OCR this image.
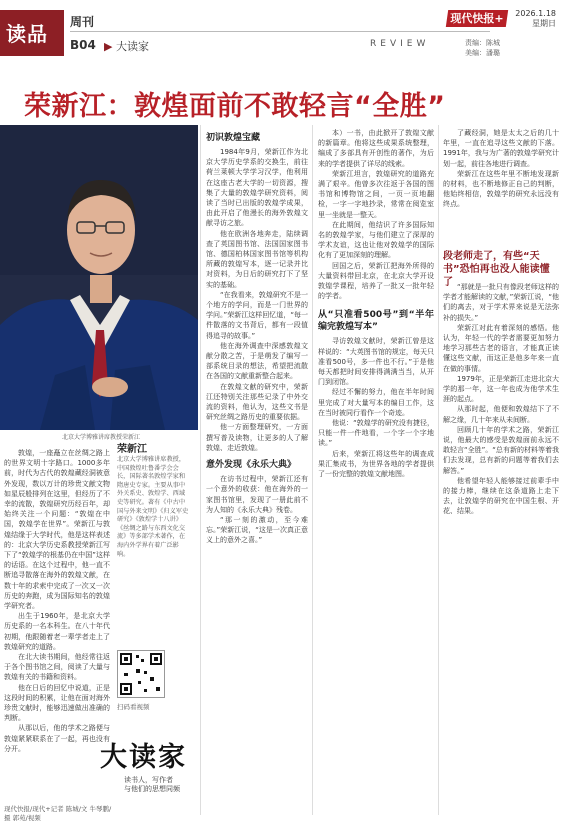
读品 周刊
B04 ▶ 大读家	REVIEW
现代快报+	2026.1.18
星期日
责编：陈城
美编：潘璐
荣新江：敦煌面前不敢轻言“全胜”
北京大学博雅讲席教授荣新江

敦煌，一座矗立在丝绸之路上的世界文明十字路口。1000多年前，时代为古代的敦煌藏经洞被意外发现，数以万计的珍贵文献文物如星辰般排列在这里，但经历了不幸的流散，敦煌研究历经百年，却始终关注一个问题：“敦煌在中国，敦煌学在世界”。荣新江与敦煌结缘于大学时代，他是这样表述的：北京大学历史系教授荣新江写下了“敦煌学的根基仍在中国”这样的话语。在这个过程中，他一直不断追寻散落在海外的敦煌文献，在数十年的求索中完成了一次又一次历史的奔跑，成为国际知名的敦煌学研究者。

出生于1960年，是北京大学历史系的一名本科生。在八十年代初期，他跟随着老一辈学者走上了敦煌研究的道路。

在北大读书期间，他经常往返于各个图书馆之间，阅读了大量与敦煌有关的书籍和资料。

他在日后的回忆中说道，正是这段时间的积累，让他在面对海外珍贵文献时，能够迅速做出准确的判断。

从那以后，他的学术之路便与敦煌紧紧联系在了一起，再也没有分开。

荣新江
北京大学博雅讲席教授，中国敦煌吐鲁番学会会长，国际著名敦煌学家和隋唐史专家。主要从事中外关系史、敦煌学、西域史等研究。著有《中古中国与外来文明》《归义军史研究》《敦煌学十八讲》《丝绸之路与东西文化交流》等多部学术著作，在海内外学界有着广泛影响。
扫码看视频
大读家
读书人，写作者
与他们的思想同频
现代快报/现代+记者 陈城/文 牛琴鹏/摄 郭苑/视频
初识敦煌宝藏

1984年9月，荣新江作为北京大学历史学系的交换生，前往荷兰莱顿大学学习汉学，他利用在这座古老大学的一切资源，搜集了大量的敦煌学研究资料，阅读了当时已出版的敦煌学成果，由此开启了他漫长的海外敦煌文献寻访之旅。

他在欧洲各地奔走，陆续调查了英国图书馆、法国国家图书馆、德国柏林国家图书馆等机构所藏的敦煌写本，逐一记录并比对资料，为日后的研究打下了坚实的基础。

“在我看来，敦煌研究不是一个地方的学问，而是一门世界的学问。”荣新江这样回忆道，“每一件散落的文书背后，都有一段值得追寻的故事。”

他在海外调查中深感敦煌文献分散之苦，于是萌发了编写一部系统目录的想法，希望把流散在各国的文献重新整合起来。

在敦煌文献的研究中，荣新江还特别关注那些记录了中外交流的资料，他认为，这些文书是研究丝绸之路历史的重要依据。

他一方面整理研究，一方面撰写普及读物，让更多的人了解敦煌、走近敦煌。

意外发现《永乐大典》

在访书过程中，荣新江还有一个意外的收获：他在海外的一家图书馆里，发现了一册此前不为人知的《永乐大典》残卷。

“那一刻的激动，至今难忘。”荣新江说，“这是一次真正意义上的意外之喜。”

本）一书，由此掀开了敦煌文献的新篇章。他将这些成果系统整理，编成了多部具有开创性的著作，为后来的学者提供了详尽的线索。

荣新江坦言，敦煌研究的道路充满了艰辛。他曾多次往返于各国的图书馆和博物馆之间，一页一页地翻检，一字一字地抄录，常常在阅览室里一坐就是一整天。

在此期间，他结识了许多国际知名的敦煌学家，与他们建立了深厚的学术友谊，这也让他对敦煌学的国际化有了更加深刻的理解。

回国之后，荣新江把海外所得的大量资料带回北京，在北京大学开设敦煌学课程，培养了一批又一批年轻的学者。

从“只准看500号”到“半年编完敦煌写本”

寻访敦煌文献时，荣新江曾是这样说的：“大英图书馆的规定，每天只准看500号，多一件也不行。”于是他每天都把时间安排得满满当当，从开门到闭馆。

经过不懈的努力，他在半年时间里完成了对大量写本的编目工作，这在当时被同行看作一个奇迹。

他说：“敦煌学的研究没有捷径，只能一件一件地看，一个字一个字地读。”

后来，荣新江将这些年的调查成果汇集成书，为世界各地的学者提供了一份完整的敦煌文献地图。

了藏经洞，她是太太之后的几十年里，一直在追寻这些文献的下落。1991年，我与为广著的敦煌学研究计划一起，前往各地进行调查。

荣新江在这些年里不断地发现新的材料，也不断地修正自己的判断，他始终相信，敦煌学的研究永远没有终点。

段老师走了，有些“天书”恐怕再也没人能读懂了 “那就是一批只有像段老师这样的学者才能解读的文献，”荣新江说，“他们的离去，对于学术界来说是无法弥补的损失。”

荣新江对此有着深刻的感悟。他认为，年轻一代的学者需要更加努力地学习那些古老的语言，才能真正读懂这些文献，而这正是他多年来一直在做的事情。

1979年，正是荣新江走进北京大学的那一年，这一年也成为他学术生涯的起点。

从那时起，他便和敦煌结下了不解之缘，几十年来从未间断。

回顾几十年的学术之路，荣新江说，他最大的感受是敦煌面前永远不敢轻言“全胜”。“总有新的材料等着我们去发现，总有新的问题等着我们去解答。”

他希望年轻人能够接过前辈手中的接力棒，继续在这条道路上走下去，让敦煌学的研究在中国生根、开花、结果。
